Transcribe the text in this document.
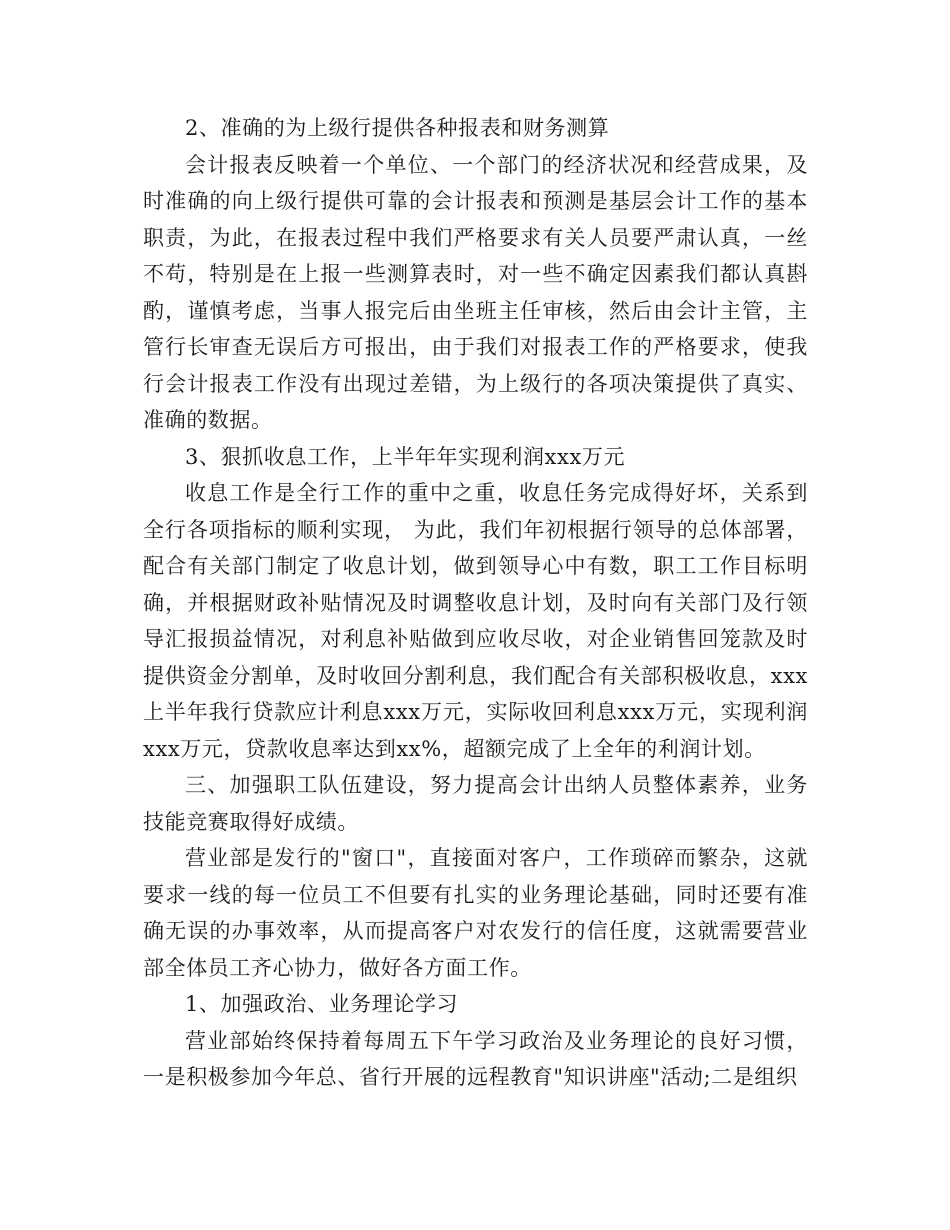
2、准确的为上级行提供各种报表和财务测算

会计报表反映着一个单位、一个部门的经济状况和经营成果，及时准确的向上级行提供可靠的会计报表和预测是基层会计工作的基本职责，为此，在报表过程中我们严格要求有关人员要严肃认真，一丝不苟，特别是在上报一些测算表时，对一些不确定因素我们都认真斟酌，谨慎考虑，当事人报完后由坐班主任审核，然后由会计主管，主管行长审查无误后方可报出，由于我们对报表工作的严格要求，使我行会计报表工作没有出现过差错，为上级行的各项决策提供了真实、准确的数据。

3、狠抓收息工作，上半年年实现利润xxx万元

收息工作是全行工作的重中之重，收息任务完成得好坏，关系到全行各项指标的顺利实现， 为此，我们年初根据行领导的总体部署，配合有关部门制定了收息计划，做到领导心中有数，职工工作目标明确，并根据财政补贴情况及时调整收息计划，及时向有关部门及行领导汇报损益情况，对利息补贴做到应收尽收，对企业销售回笼款及时提供资金分割单，及时收回分割利息，我们配合有关部积极收息，xxx上半年我行贷款应计利息xxx万元，实际收回利息xxx万元，实现利润xxx万元，贷款收息率达到xx%，超额完成了上全年的利润计划。

三、加强职工队伍建设，努力提高会计出纳人员整体素养，业务技能竞赛取得好成绩。

营业部是发行的"窗口"，直接面对客户，工作琐碎而繁杂，这就要求一线的每一位员工不但要有扎实的业务理论基础，同时还要有准确无误的办事效率，从而提高客户对农发行的信任度，这就需要营业部全体员工齐心协力，做好各方面工作。

1、加强政治、业务理论学习

营业部始终保持着每周五下午学习政治及业务理论的良好习惯，一是积极参加今年总、省行开展的远程教育"知识讲座"活动;二是组织
